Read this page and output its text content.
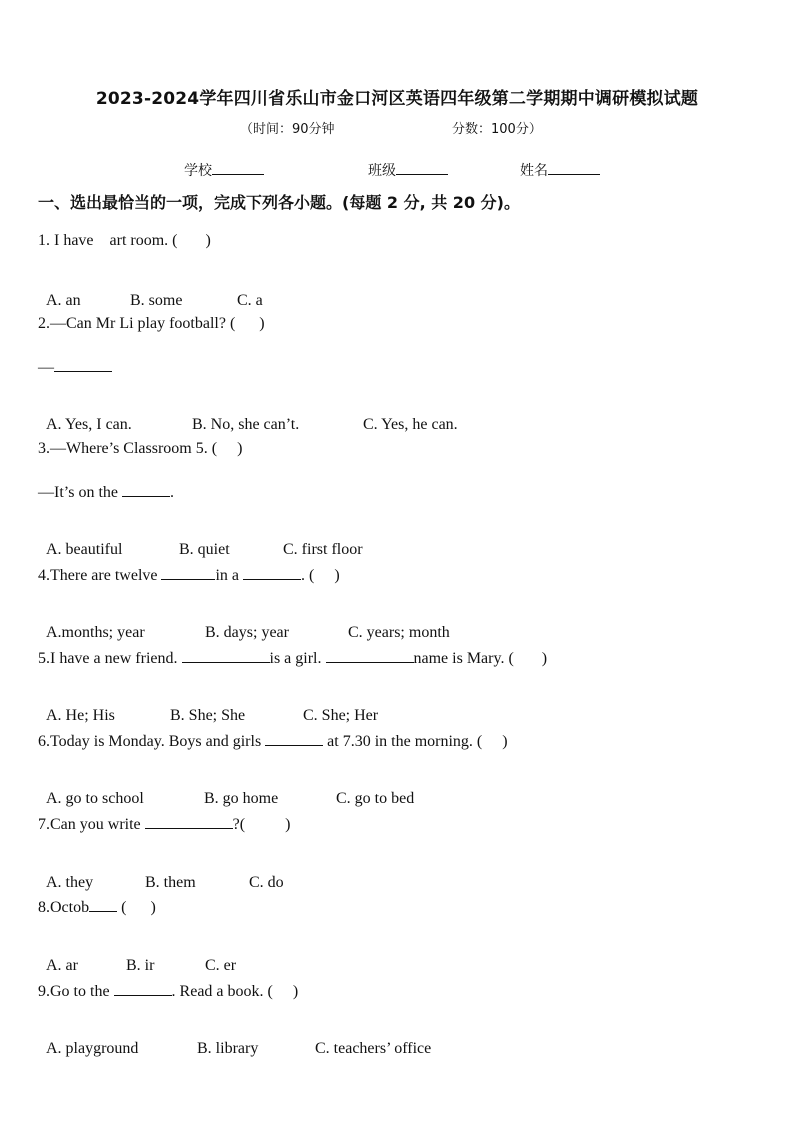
2023-2024学年四川省乐山市金口河区英语四年级第二学期期中调研模拟试题
（时间：90分钟	分数：100分）
学校	班级	姓名
一、选出最恰当的一项，完成下列各小题。(每题 2 分, 共 20 分)。
1. I have    art room. (       )

A. an	B. some	C. a

2.—Can Mr Li play football? (      )
—

A. Yes, I can.	B. No, she can’t.	C. Yes, he can.

3.—Where’s Classroom 5. (     )
—It’s on the	.

A. beautiful	B. quiet	C. first floor

4.There are twelve	in a	. (     )

A.months; year	B. days; year	C. years; month

5.I have a new friend.	is a girl.	name is Mary. (       )

A. He; His	B. She; She	C. She; Her

6.Today is Monday. Boys and girls	at 7.30 in the morning. (     )

A. go to school	B. go home	C. go to bed

7.Can you write	?(          )

A. they	B. them	C. do

8.Octob (      )

A. ar	B. ir	C. er

9.Go to the	. Read a book. (     )

A. playground	B. library	C. teachers’ office
